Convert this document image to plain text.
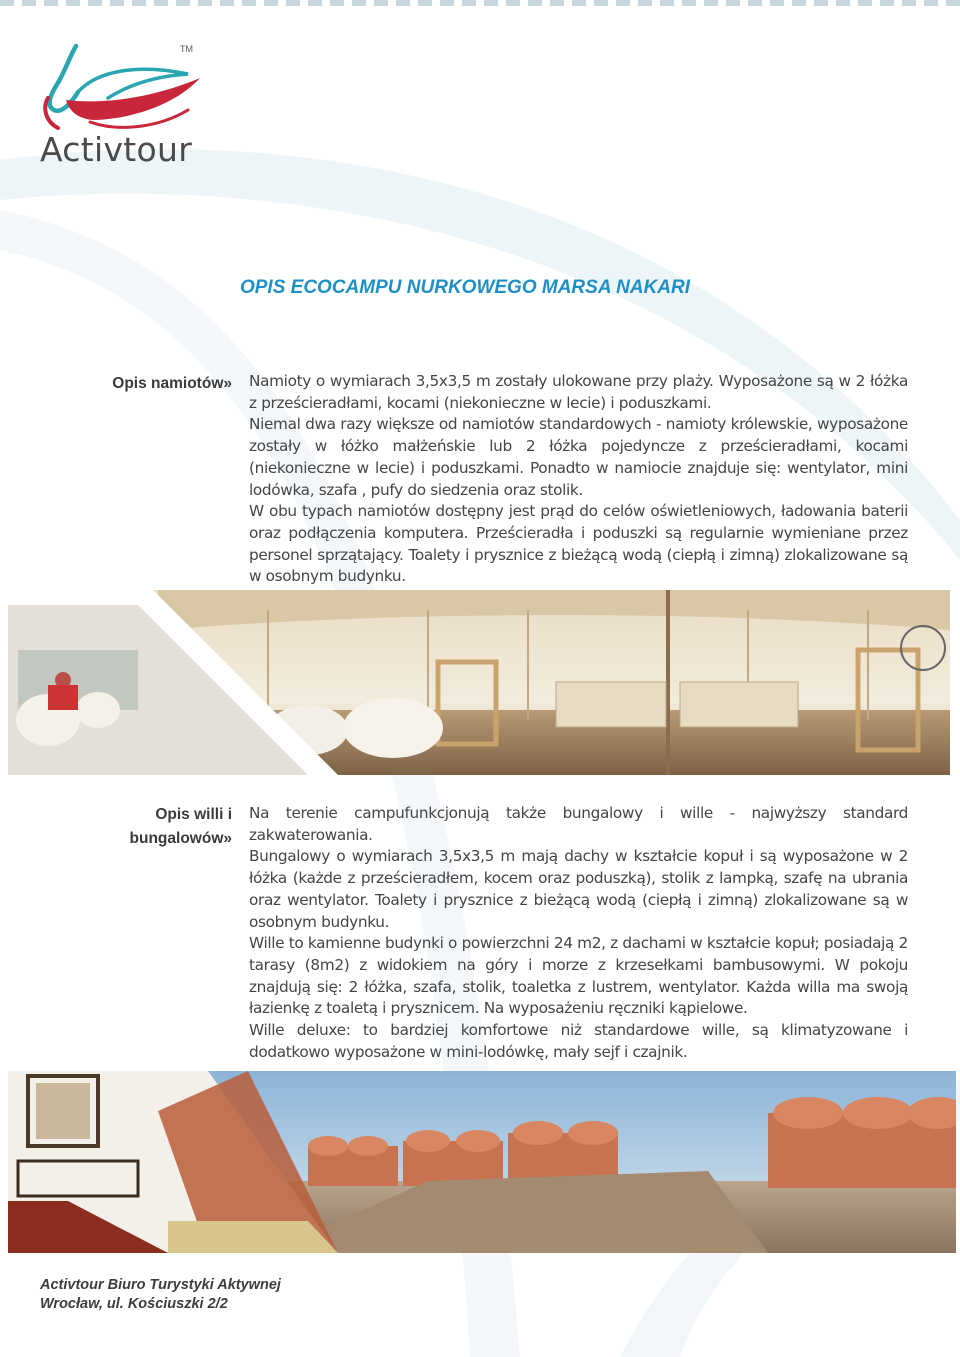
TM
Activtour
OPIS ECOCAMPU NURKOWEGO MARSA NAKARI
Opis namiotów» Namioty o wymiarach 3,5x3,5 m zostały ulokowane przy plaży. Wyposażone są w 2 łóżka z prześcieradłami, kocami (niekonieczne w lecie) i poduszkami.

Niemal dwa razy większe od namiotów standardowych - namioty królewskie, wyposażone zostały w łóżko małżeńskie lub 2 łóżka pojedyncze z prześcieradłami, kocami (niekonieczne w lecie) i poduszkami. Ponadto w namiocie znajduje się: wentylator, mini lodówka, szafa , pufy do siedzenia oraz stolik.

W obu typach namiotów dostępny jest prąd do celów oświetleniowych, ładowania baterii oraz podłączenia komputera. Prześcieradła i poduszki są regularnie wymieniane przez personel sprzątający. Toalety i prysznice z bieżącą wodą (ciepłą i zimną) zlokalizowane są w osobnym budynku.

Opis willi i
bungalowów»

Na terenie campufunkcjonują także bungalowy i wille - najwyższy standard zakwaterowania.

Bungalowy o wymiarach 3,5x3,5 m mają dachy w kształcie kopuł i są wyposażone w 2 łóżka (każde z prześcieradłem, kocem oraz poduszką), stolik z lampką, szafę na ubrania oraz wentylator. Toalety i prysznice z bieżącą wodą (ciepłą i zimną) zlokalizowane są w osobnym budynku.

Wille to kamienne budynki o powierzchni 24 m2, z dachami w kształcie kopuł; posiadają 2 tarasy (8m2) z widokiem na góry i morze z krzesełkami bambusowymi. W pokoju znajdują się: 2 łóżka, szafa, stolik, toaletka z lustrem, wentylator. Każda willa ma swoją łazienkę z toaletą i prysznicem. Na wyposażeniu ręczniki kąpielowe.

Wille deluxe: to bardziej komfortowe niż standardowe wille, są klimatyzowane i dodatkowo wyposażone w mini-lodówkę, mały sejf i czajnik.

Activtour Biuro Turystyki Aktywnej
Wrocław, ul. Kościuszki 2/2
